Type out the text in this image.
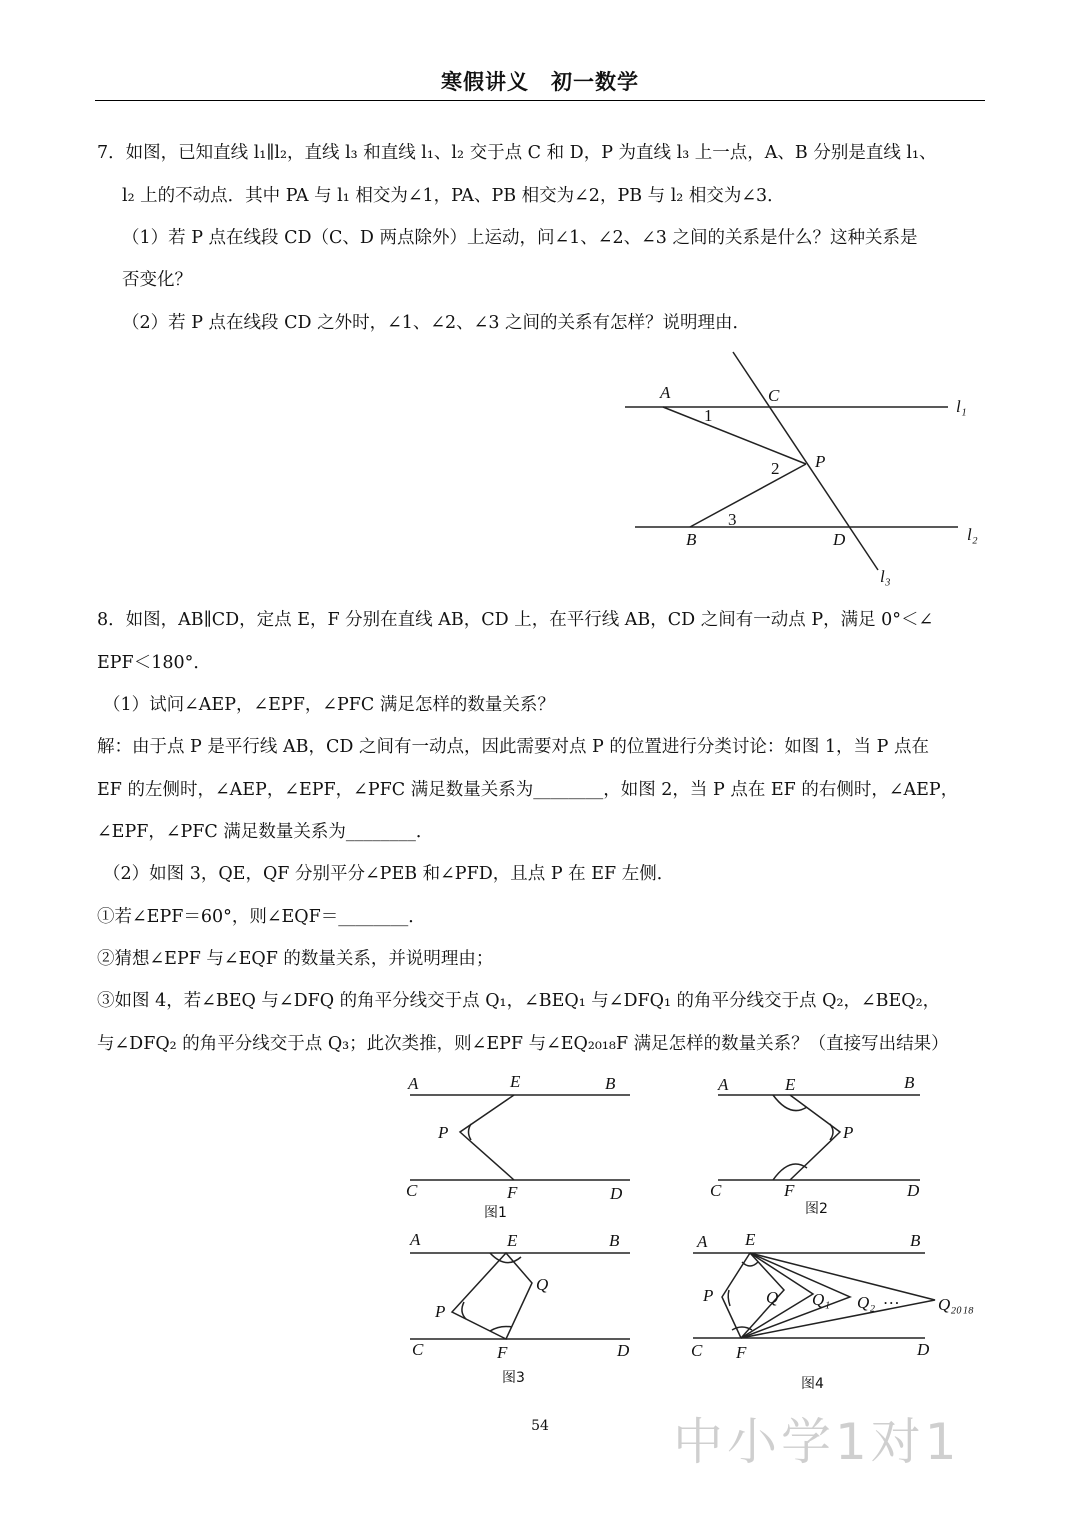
寒假讲义　初一数学
7．如图，已知直线 l₁∥l₂，直线 l₃ 和直线 l₁、l₂ 交于点 C 和 D，P 为直线 l₃ 上一点，A、B 分别是直线 l₁、
l₂ 上的不动点．其中 PA 与 l₁ 相交为∠1，PA、PB 相交为∠2，PB 与 l₂ 相交为∠3．
（1）若 P 点在线段 CD（C、D 两点除外）上运动，问∠1、∠2、∠3 之间的关系是什么？这种关系是
否变化？
（2）若 P 点在线段 CD 之外时，∠1、∠2、∠3 之间的关系有怎样？说明理由．
A	C
l₁
1
2 P
3
B	D	l₂
l₃
8．如图，AB∥CD，定点 E，F 分别在直线 AB，CD 上，在平行线 AB，CD 之间有一动点 P，满足 0°＜∠
EPF＜180°．
（1）试问∠AEP，∠EPF，∠PFC 满足怎样的数量关系？
解：由于点 P 是平行线 AB，CD 之间有一动点，因此需要对点 P 的位置进行分类讨论：如图 1，当 P 点在
EF 的左侧时，∠AEP，∠EPF，∠PFC 满足数量关系为________，如图 2，当 P 点在 EF 的右侧时，∠AEP，
∠EPF，∠PFC 满足数量关系为________．
（2）如图 3，QE，QF 分别平分∠PEB 和∠PFD，且点 P 在 EF 左侧．
①若∠EPF＝60°，则∠EQF＝________．
②猜想∠EPF 与∠EQF 的数量关系，并说明理由；
③如图 4，若∠BEQ 与∠DFQ 的角平分线交于点 Q₁，∠BEQ₁ 与∠DFQ₁ 的角平分线交于点 Q₂，∠BEQ₂，
与∠DFQ₂ 的角平分线交于点 Q₃；此次类推，则∠EPF 与∠EQ₂₀₁₈F 满足怎样的数量关系？（直接写出结果）
A	E	B
P
C	F	D
图1
A	E	B
P
C	F	D
图2
A	E	B
Q
P
C	F	D
图3
A E	B
P	Q Q₁ Q₂ … Q₂₀₁₈
C F	D
图4
54	中小学1对1
